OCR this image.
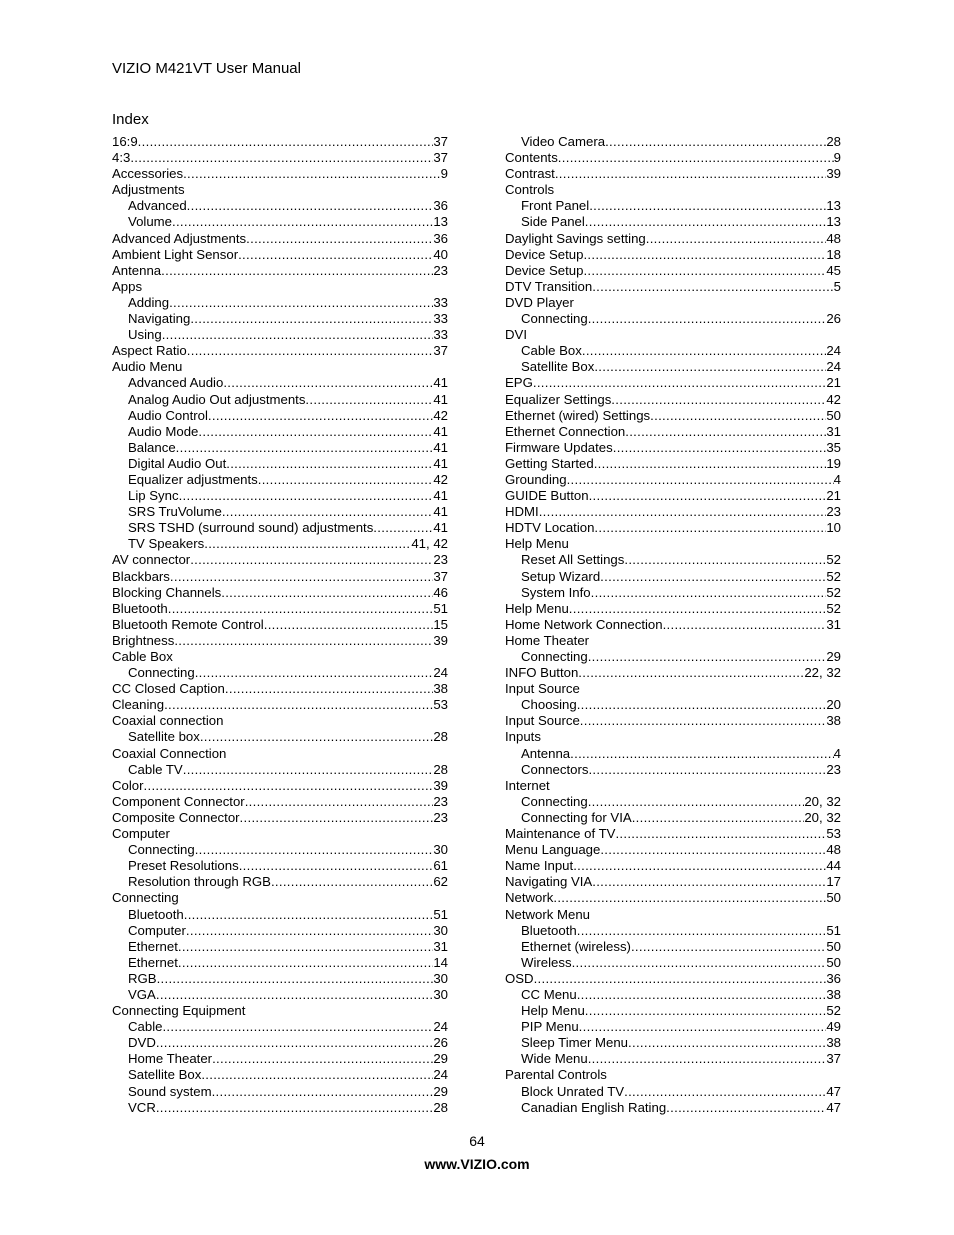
VIZIO M421VT User Manual
Index
16:9 .....	37
4:3 .....	37
Accessories .....	9
Adjustments
Advanced .....	36
Volume .....	13
Advanced Adjustments .....	36
Ambient Light Sensor .....	40
Antenna .....	23
Apps
Adding .....	33
Navigating .....	33
Using .....	33
Aspect Ratio .....	37
Audio Menu
Advanced Audio .....	41
Analog Audio Out adjustments .....	41
Audio Control .....	42
Audio Mode .....	41
Balance .....	41
Digital Audio Out .....	41
Equalizer adjustments .....	42
Lip Sync .....	41
SRS TruVolume .....	41
SRS TSHD (surround sound) adjustments .....	41
TV Speakers .....	41, 42
AV connector .....	23
Blackbars .....	37
Blocking Channels .....	46
Bluetooth .....	51
Bluetooth Remote Control .....	15
Brightness .....	39
Cable Box
Connecting .....	24
CC Closed Caption .....	38
Cleaning .....	53
Coaxial connection
Satellite box .....	28
Coaxial Connection
Cable TV .....	28
Color .....	39
Component Connector .....	23
Composite Connector .....	23
Computer
Connecting .....	30
Preset Resolutions .....	61
Resolution through RGB .....	62
Connecting
Bluetooth .....	51
Computer .....	30
Ethernet .....	31
Ethernet .....	14
RGB .....	30
VGA .....	30
Connecting Equipment
Cable .....	24
DVD .....	26
Home Theater .....	29
Satellite Box .....	24
Sound system .....	29
VCR .....	28
Video Camera .....	28
Contents .....	9
Contrast .....	39
Controls
Front Panel .....	13
Side Panel .....	13
Daylight Savings setting .....	48
Device Setup .....	18
Device Setup .....	45
DTV Transition .....	5
DVD Player
Connecting .....	26
DVI
Cable Box .....	24
Satellite Box .....	24
EPG .....	21
Equalizer Settings .....	42
Ethernet (wired) Settings .....	50
Ethernet Connection .....	31
Firmware Updates .....	35
Getting Started .....	19
Grounding .....	4
GUIDE Button .....	21
HDMI .....	23
HDTV Location .....	10
Help Menu
Reset All Settings .....	52
Setup Wizard .....	52
System Info .....	52
Help Menu .....	52
Home Network Connection .....	31
Home Theater
Connecting .....	29
INFO Button .....	22, 32
Input Source
Choosing .....	20
Input Source .....	38
Inputs
Antenna .....	4
Connectors .....	23
Internet
Connecting .....	20, 32
Connecting for VIA .....	20, 32
Maintenance of TV .....	53
Menu Language .....	48
Name Input .....	44
Navigating VIA .....	17
Network .....	50
Network Menu
Bluetooth .....	51
Ethernet (wireless) .....	50
Wireless .....	50
OSD .....	36
CC Menu .....	38
Help Menu .....	52
PIP Menu .....	49
Sleep Timer Menu .....	38
Wide Menu .....	37
Parental Controls
Block Unrated TV .....	47
Canadian English Rating .....	47
64
www.VIZIO.com
